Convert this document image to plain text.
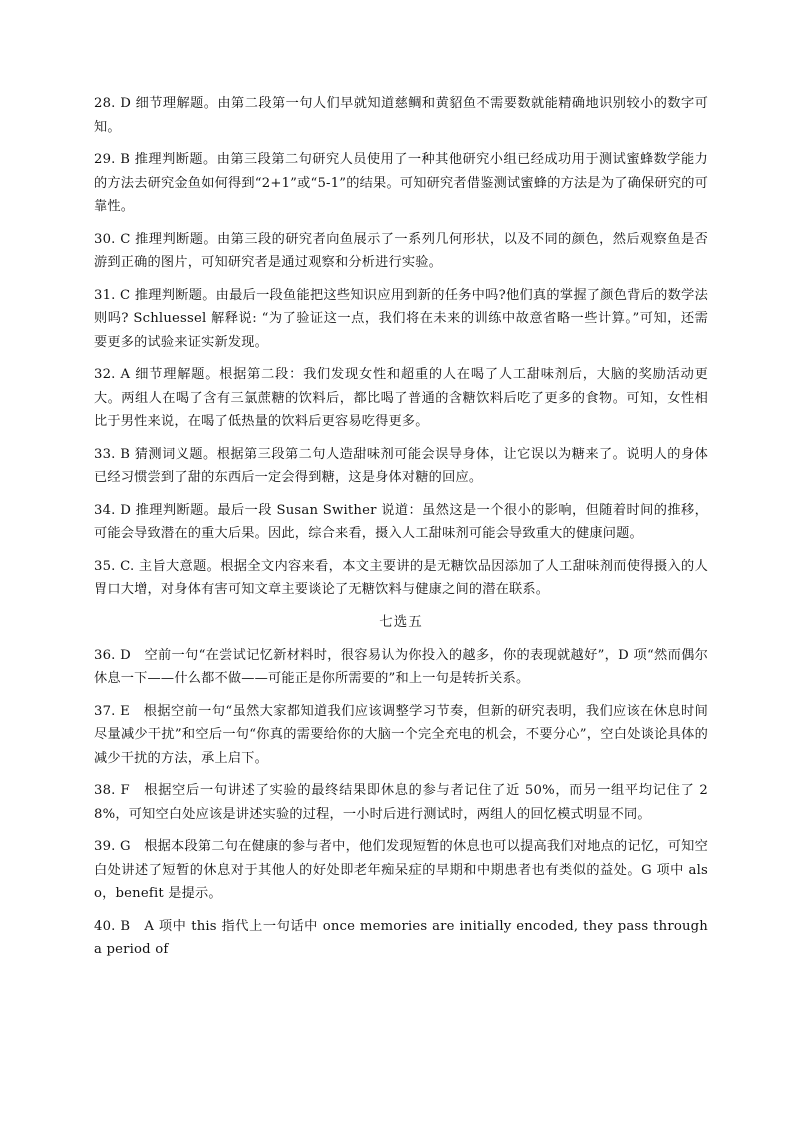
28. D 细节理解题。由第二段第一句人们早就知道慈鲷和黄貂鱼不需要数就能精确地识别较小的数字可知。

29. B 推理判断题。由第三段第二句研究人员使用了一种其他研究小组已经成功用于测试蜜蜂数学能力的方法去研究金鱼如何得到“2+1”或“5-1”的结果。可知研究者借鉴测试蜜蜂的方法是为了确保研究的可靠性。

30. C 推理判断题。由第三段的研究者向鱼展示了一系列几何形状，以及不同的颜色，然后观察鱼是否游到正确的图片，可知研究者是通过观察和分析进行实验。

31. C 推理判断题。由最后一段鱼能把这些知识应用到新的任务中吗?他们真的掌握了颜色背后的数学法则吗? Schluessel 解释说: “为了验证这一点，我们将在未来的训练中故意省略一些计算。”可知，还需要更多的试验来证实新发现。

32. A 细节理解题。根据第二段：我们发现女性和超重的人在喝了人工甜味剂后，大脑的奖励活动更大。两组人在喝了含有三氯蔗糖的饮料后，都比喝了普通的含糖饮料后吃了更多的食物。可知，女性相比于男性来说，在喝了低热量的饮料后更容易吃得更多。

33. B 猜测词义题。根据第三段第二句人造甜味剂可能会误导身体，让它误以为糖来了。说明人的身体已经习惯尝到了甜的东西后一定会得到糖，这是身体对糖的回应。

34. D 推理判断题。最后一段 Susan Swither 说道：虽然这是一个很小的影响，但随着时间的推移，可能会导致潜在的重大后果。因此，综合来看，摄入人工甜味剂可能会导致重大的健康问题。

35. C. 主旨大意题。根据全文内容来看，本文主要讲的是无糖饮品因添加了人工甜味剂而使得摄入的人胃口大增，对身体有害可知文章主要谈论了无糖饮料与健康之间的潜在联系。

七选五

36. D　空前一句“在尝试记忆新材料时，很容易认为你投入的越多，你的表现就越好”，D 项“然而偶尔休息一下——什么都不做——可能正是你所需要的”和上一句是转折关系。

37. E　根据空前一句“虽然大家都知道我们应该调整学习节奏，但新的研究表明，我们应该在休息时间尽量减少干扰”和空后一句“你真的需要给你的大脑一个完全充电的机会，不要分心”，空白处谈论具体的减少干扰的方法，承上启下。

38. F　根据空后一句讲述了实验的最终结果即休息的参与者记住了近 50%，而另一组平均记住了 28%，可知空白处应该是讲述实验的过程，一小时后进行测试时，两组人的回忆模式明显不同。

39. G　根据本段第二句在健康的参与者中，他们发现短暂的休息也可以提高我们对地点的记忆，可知空白处讲述了短暂的休息对于其他人的好处即老年痴呆症的早期和中期患者也有类似的益处。G 项中 also，benefit 是提示。

40. B　A 项中 this 指代上一句话中 once memories are initially encoded, they pass through a period of
